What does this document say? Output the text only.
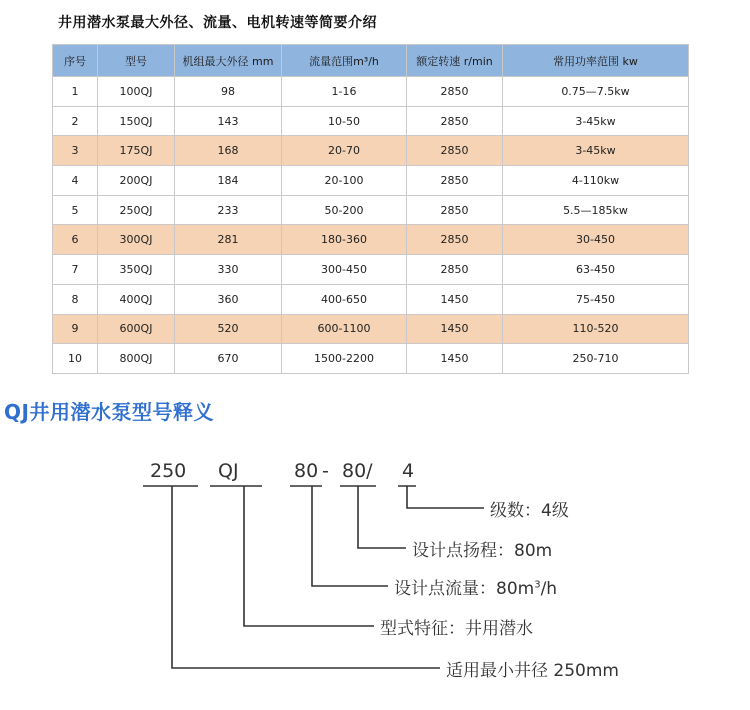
井用潜水泵最大外径、流量、电机转速等简要介绍
序号	型号	机组最大外径 mm	流量范围m³/h	额定转速 r/min	常用功率范围 kw
1	100QJ	98	1-16	2850	0.75—7.5kw
2	150QJ	143	10-50	2850	3-45kw
3	175QJ	168	20-70	2850	3-45kw
4	200QJ	184	20-100	2850	4-110kw
5	250QJ	233	50-200	2850	5.5—185kw
6	300QJ	281	180-360	2850	30-450
7	350QJ	330	300-450	2850	63-450
8	400QJ	360	400-650	1450	75-450
9	600QJ	520	600-1100	1450	110-520
10	800QJ	670	1500-2200	1450	250-710
QJ井用潜水泵型号释义
250 QJ	80 - 80/ 4
级数：4级
设计点扬程：80m
设计点流量：$80m^3/h$
型式特征：井用潜水
适用最小井径 250mm
